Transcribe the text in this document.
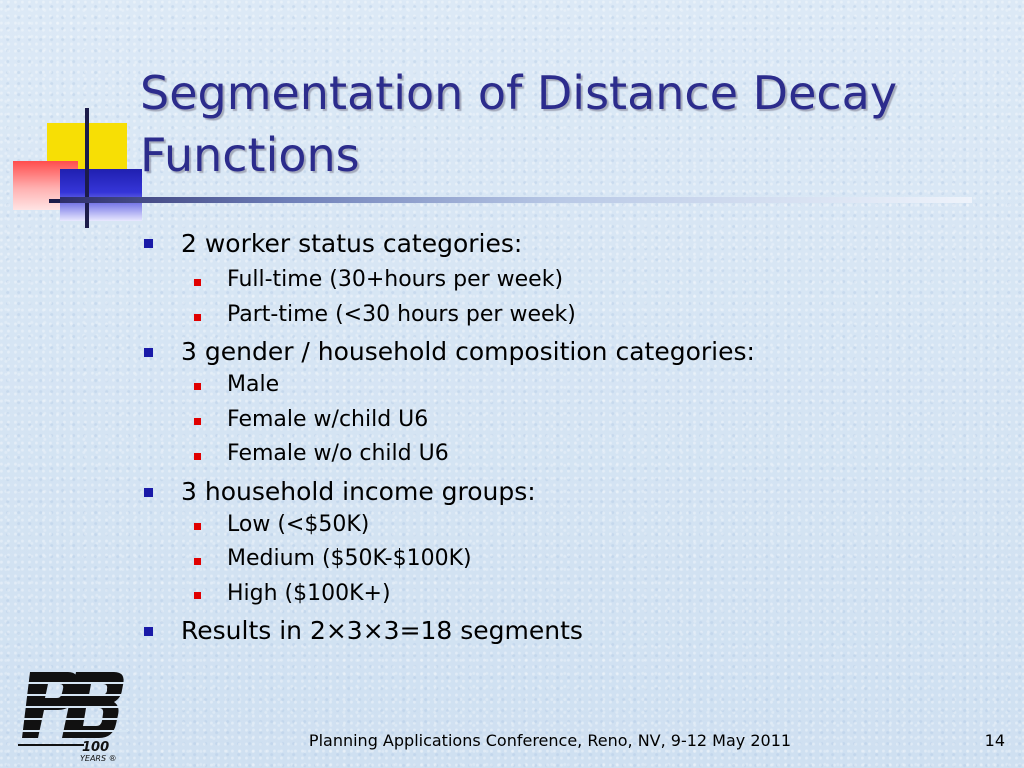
Segmentation of Distance Decay Functions
2 worker status categories:
Full-time (30+hours per week)
Part-time (<30 hours per week)
3 gender / household composition categories:
Male
Female w/child U6
Female w/o child U6
3 household income groups:
Low (<$50K)
Medium ($50K-$100K)
High ($100K+)
Results in 2×3×3=18 segments
100
YEARS ®
Planning Applications Conference, Reno, NV, 9-12 May 2011	14
